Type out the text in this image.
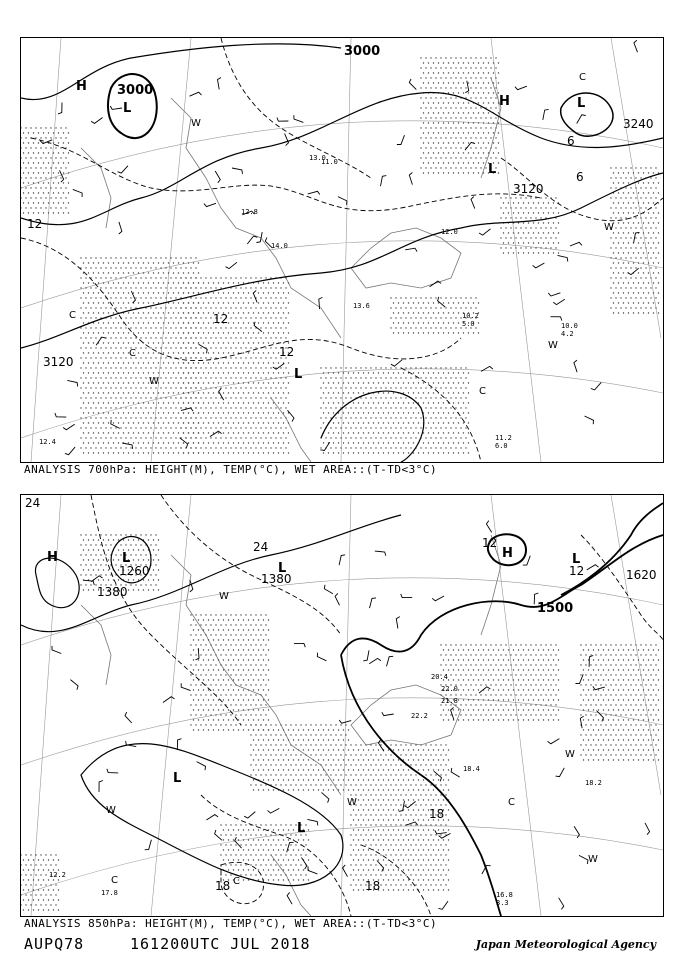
3000
3000
3240
3120
3120
12
12
12
6
6
H
L	H	L
L
L
W
C
C
W
C
W
C
W
13.0
13.6
11.0
14.0
12.8
10.2
5.0
11.2
6.0
12.4
12.0
10.0
4.2
ANALYSIS 700hPa: HEIGHT(M), TEMP(°C), WET AREA::(T-TD<3°C)
1500
1380
1380
1260	1620
24
24
12
18
18	18
12
H	L	H
L
L
L
L
W
C
W
W	C
W
C
W
21.8
22.2
18.4
16.8
3.3
12.2
17.8
18.2
20.4
22.0
ANALYSIS 850hPa: HEIGHT(M), TEMP(°C), WET AREA::(T-TD<3°C)
AUPQ78	161200UTC JUL 2018	Japan Meteorological Agency
